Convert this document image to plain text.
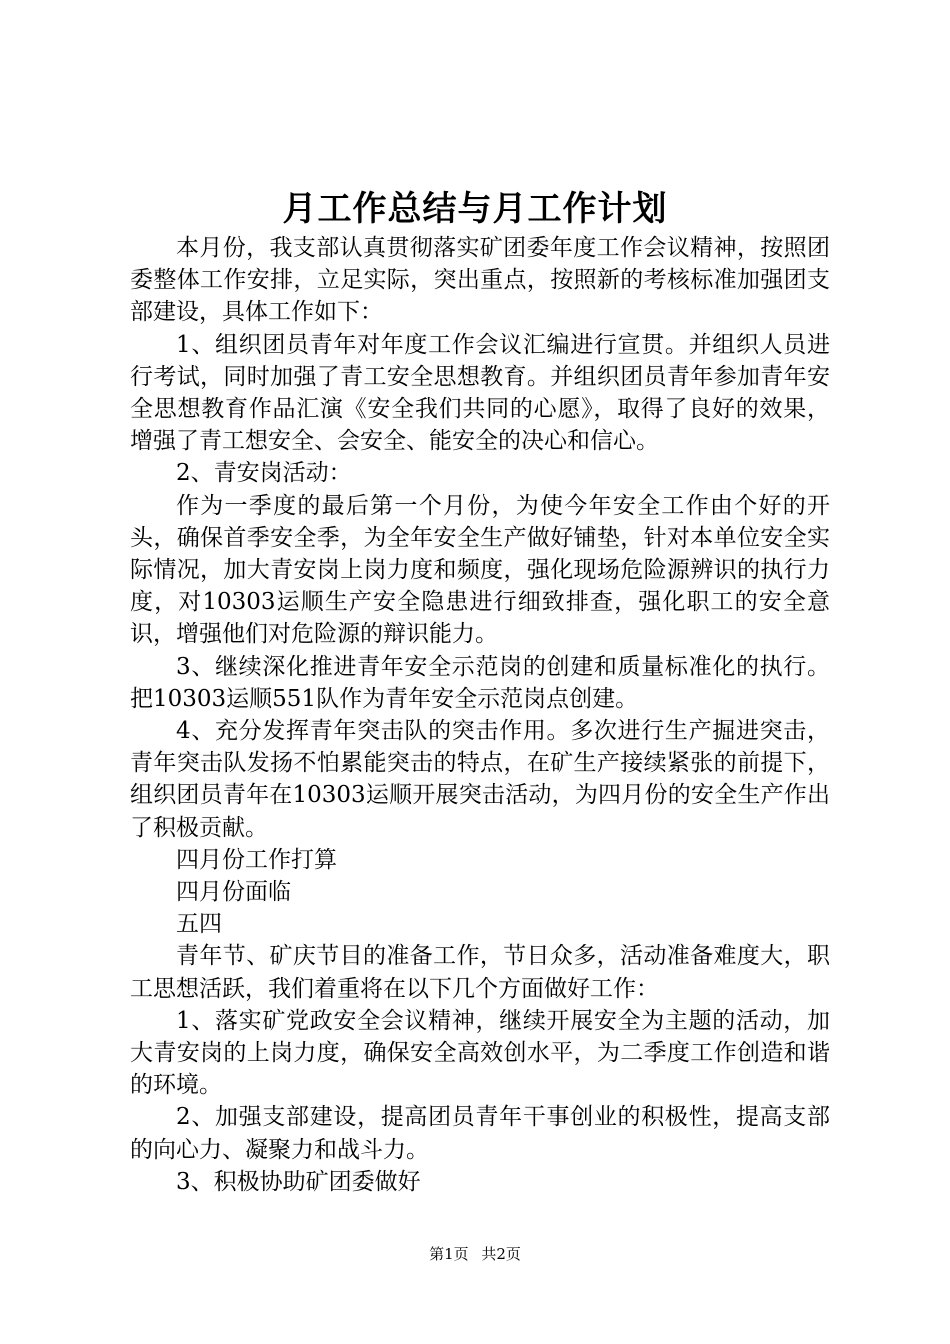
月工作总结与月工作计划

本月份，我支部认真贯彻落实矿团委年度工作会议精神，按照团委整体工作安排，立足实际，突出重点，按照新的考核标准加强团支部建设，具体工作如下：

1、组织团员青年对年度工作会议汇编进行宣贯。并组织人员进行考试，同时加强了青工安全思想教育。并组织团员青年参加青年安全思想教育作品汇演《安全我们共同的心愿》，取得了良好的效果，增强了青工想安全、会安全、能安全的决心和信心。

2、青安岗活动：

作为一季度的最后第一个月份，为使今年安全工作由个好的开头，确保首季安全季，为全年安全生产做好铺垫，针对本单位安全实际情况，加大青安岗上岗力度和频度，强化现场危险源辨识的执行力度，对10303运顺生产安全隐患进行细致排查，强化职工的安全意识，增强他们对危险源的辩识能力。

3、继续深化推进青年安全示范岗的创建和质量标准化的执行。把10303运顺551队作为青年安全示范岗点创建。

4、充分发挥青年突击队的突击作用。多次进行生产掘进突击，青年突击队发扬不怕累能突击的特点，在矿生产接续紧张的前提下，组织团员青年在10303运顺开展突击活动，为四月份的安全生产作出了积极贡献。

四月份工作打算

四月份面临

五四

青年节、矿庆节目的准备工作，节日众多，活动准备难度大，职工思想活跃，我们着重将在以下几个方面做好工作：

1、落实矿党政安全会议精神，继续开展安全为主题的活动，加大青安岗的上岗力度，确保安全高效创水平，为二季度工作创造和谐的环境。

2、加强支部建设，提高团员青年干事创业的积极性，提高支部的向心力、凝聚力和战斗力。

3、积极协助矿团委做好

第1页 共2页
